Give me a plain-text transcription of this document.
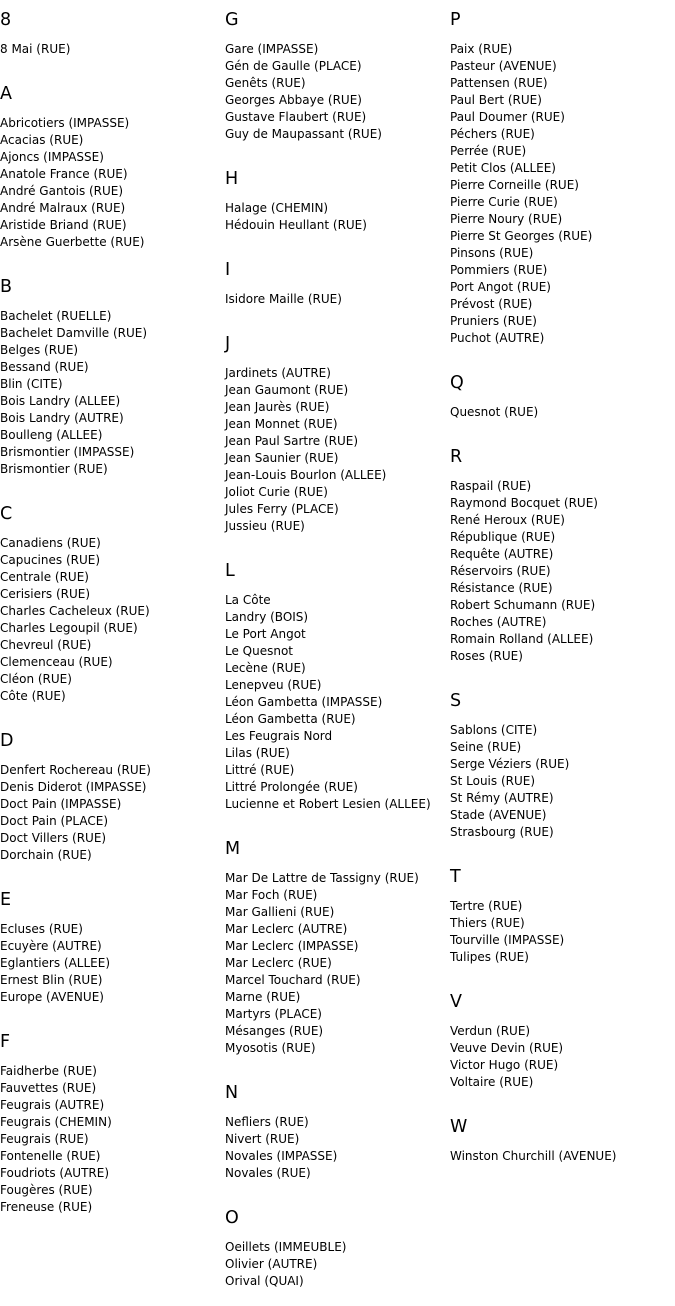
8
8 Mai (RUE)
A
Abricotiers (IMPASSE)
Acacias (RUE)
Ajoncs (IMPASSE)
Anatole France (RUE)
André Gantois (RUE)
André Malraux (RUE)
Aristide Briand (RUE)
Arsène Guerbette (RUE)
B
Bachelet (RUELLE)
Bachelet Damville (RUE)
Belges (RUE)
Bessand (RUE)
Blin (CITE)
Bois Landry (ALLEE)
Bois Landry (AUTRE)
Boulleng (ALLEE)
Brismontier (IMPASSE)
Brismontier (RUE)
C
Canadiens (RUE)
Capucines (RUE)
Centrale (RUE)
Cerisiers (RUE)
Charles Cacheleux (RUE)
Charles Legoupil (RUE)
Chevreul (RUE)
Clemenceau (RUE)
Cléon (RUE)
Côte (RUE)
D
Denfert Rochereau (RUE)
Denis Diderot (IMPASSE)
Doct Pain (IMPASSE)
Doct Pain (PLACE)
Doct Villers (RUE)
Dorchain (RUE)
E
Ecluses (RUE)
Ecuyère (AUTRE)
Eglantiers (ALLEE)
Ernest Blin (RUE)
Europe (AVENUE)
F
Faidherbe (RUE)
Fauvettes (RUE)
Feugrais (AUTRE)
Feugrais (CHEMIN)
Feugrais (RUE)
Fontenelle (RUE)
Foudriots (AUTRE)
Fougères (RUE)
Freneuse (RUE)
G
Gare (IMPASSE)
Gén de Gaulle (PLACE)
Genêts (RUE)
Georges Abbaye (RUE)
Gustave Flaubert (RUE)
Guy de Maupassant (RUE)
H
Halage (CHEMIN)
Hédouin Heullant (RUE)
I
Isidore Maille (RUE)
J
Jardinets (AUTRE)
Jean Gaumont (RUE)
Jean Jaurès (RUE)
Jean Monnet (RUE)
Jean Paul Sartre (RUE)
Jean Saunier (RUE)
Jean-Louis Bourlon (ALLEE)
Joliot Curie (RUE)
Jules Ferry (PLACE)
Jussieu (RUE)
L
La Côte
Landry (BOIS)
Le Port Angot
Le Quesnot
Lecène (RUE)
Lenepveu (RUE)
Léon Gambetta (IMPASSE)
Léon Gambetta (RUE)
Les Feugrais Nord
Lilas (RUE)
Littré (RUE)
Littré Prolongée (RUE)
Lucienne et Robert Lesien (ALLEE)
M
Mar De Lattre de Tassigny (RUE)
Mar Foch (RUE)
Mar Gallieni (RUE)
Mar Leclerc (AUTRE)
Mar Leclerc (IMPASSE)
Mar Leclerc (RUE)
Marcel Touchard (RUE)
Marne (RUE)
Martyrs (PLACE)
Mésanges (RUE)
Myosotis (RUE)
N
Nefliers (RUE)
Nivert (RUE)
Novales (IMPASSE)
Novales (RUE)
O
Oeillets (IMMEUBLE)
Olivier (AUTRE)
Orival (QUAI)
P
Paix (RUE)
Pasteur (AVENUE)
Pattensen (RUE)
Paul Bert (RUE)
Paul Doumer (RUE)
Péchers (RUE)
Perrée (RUE)
Petit Clos (ALLEE)
Pierre Corneille (RUE)
Pierre Curie (RUE)
Pierre Noury (RUE)
Pierre St Georges (RUE)
Pinsons (RUE)
Pommiers (RUE)
Port Angot (RUE)
Prévost (RUE)
Pruniers (RUE)
Puchot (AUTRE)
Q
Quesnot (RUE)
R
Raspail (RUE)
Raymond Bocquet (RUE)
René Heroux (RUE)
République (RUE)
Requête (AUTRE)
Réservoirs (RUE)
Résistance (RUE)
Robert Schumann (RUE)
Roches (AUTRE)
Romain Rolland (ALLEE)
Roses (RUE)
S
Sablons (CITE)
Seine (RUE)
Serge Véziers (RUE)
St Louis (RUE)
St Rémy (AUTRE)
Stade (AVENUE)
Strasbourg (RUE)
T
Tertre (RUE)
Thiers (RUE)
Tourville (IMPASSE)
Tulipes (RUE)
V
Verdun (RUE)
Veuve Devin (RUE)
Victor Hugo (RUE)
Voltaire (RUE)
W
Winston Churchill (AVENUE)
